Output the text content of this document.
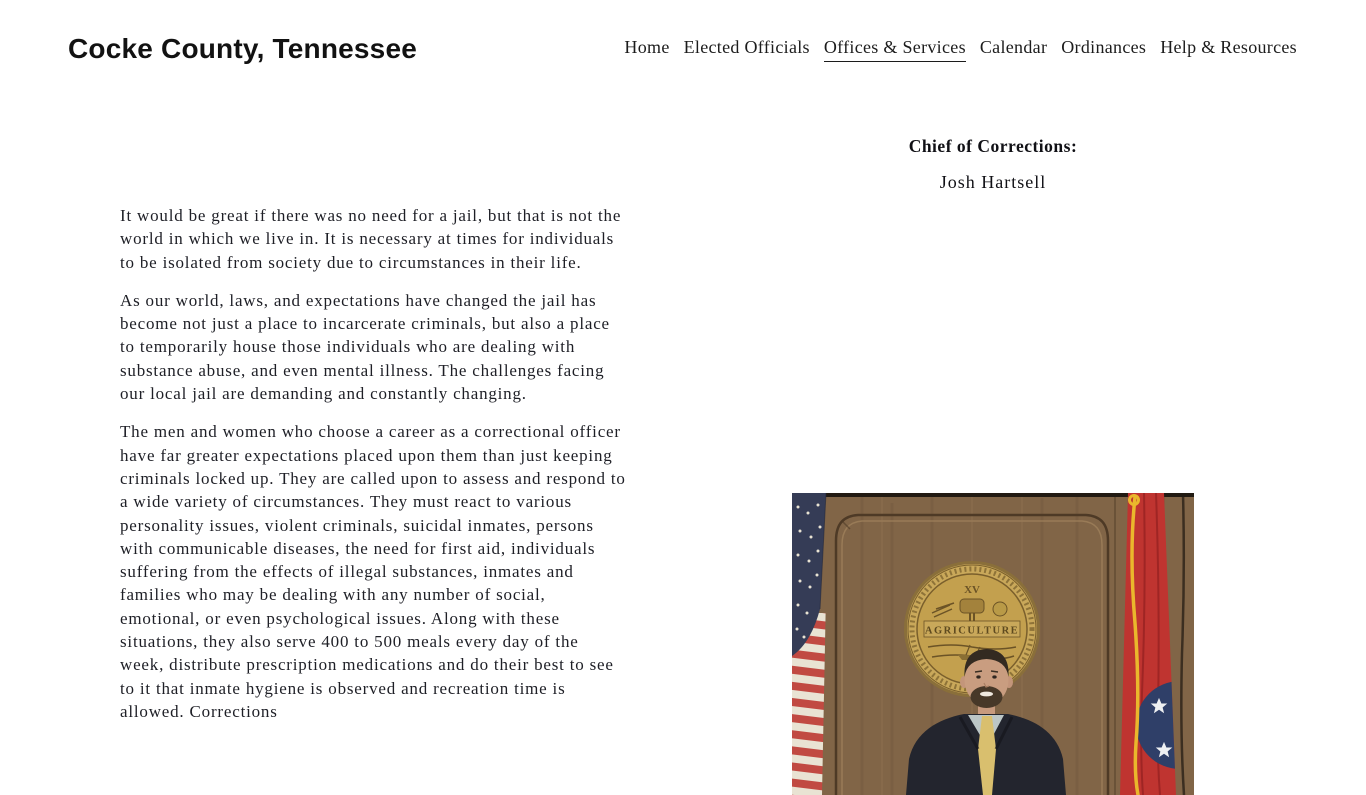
Cocke County, Tennessee	Home Elected Officials Offices & Services Calendar Ordinances Help & Resources

It would be great if there was no need for a jail, but that is not the world in which we live in. It is necessary at times for individuals to be isolated from society due to circumstances in their life.

As our world, laws, and expectations have changed the jail has become not just a place to incarcerate criminals, but also a place to temporarily house those individuals who are dealing with substance abuse, and even mental illness. The challenges facing our local jail are demanding and constantly changing.

The men and women who choose a career as a correctional officer have far greater expectations placed upon them than just keeping criminals locked up. They are called upon to assess and respond to a wide variety of circumstances. They must react to various personality issues, violent criminals, suicidal inmates, persons with communicable diseases, the need for first aid, individuals suffering from the effects of illegal substances, inmates and families who may be dealing with any number of social, emotional, or even psychological issues. Along with these situations, they also serve 400 to 500 meals every day of the week, distribute prescription medications and do their best to see to it that inmate hygiene is observed and recreation time is allowed. Corrections

Chief of Corrections:

Josh Hartsell

XV
AGRICULTURE
